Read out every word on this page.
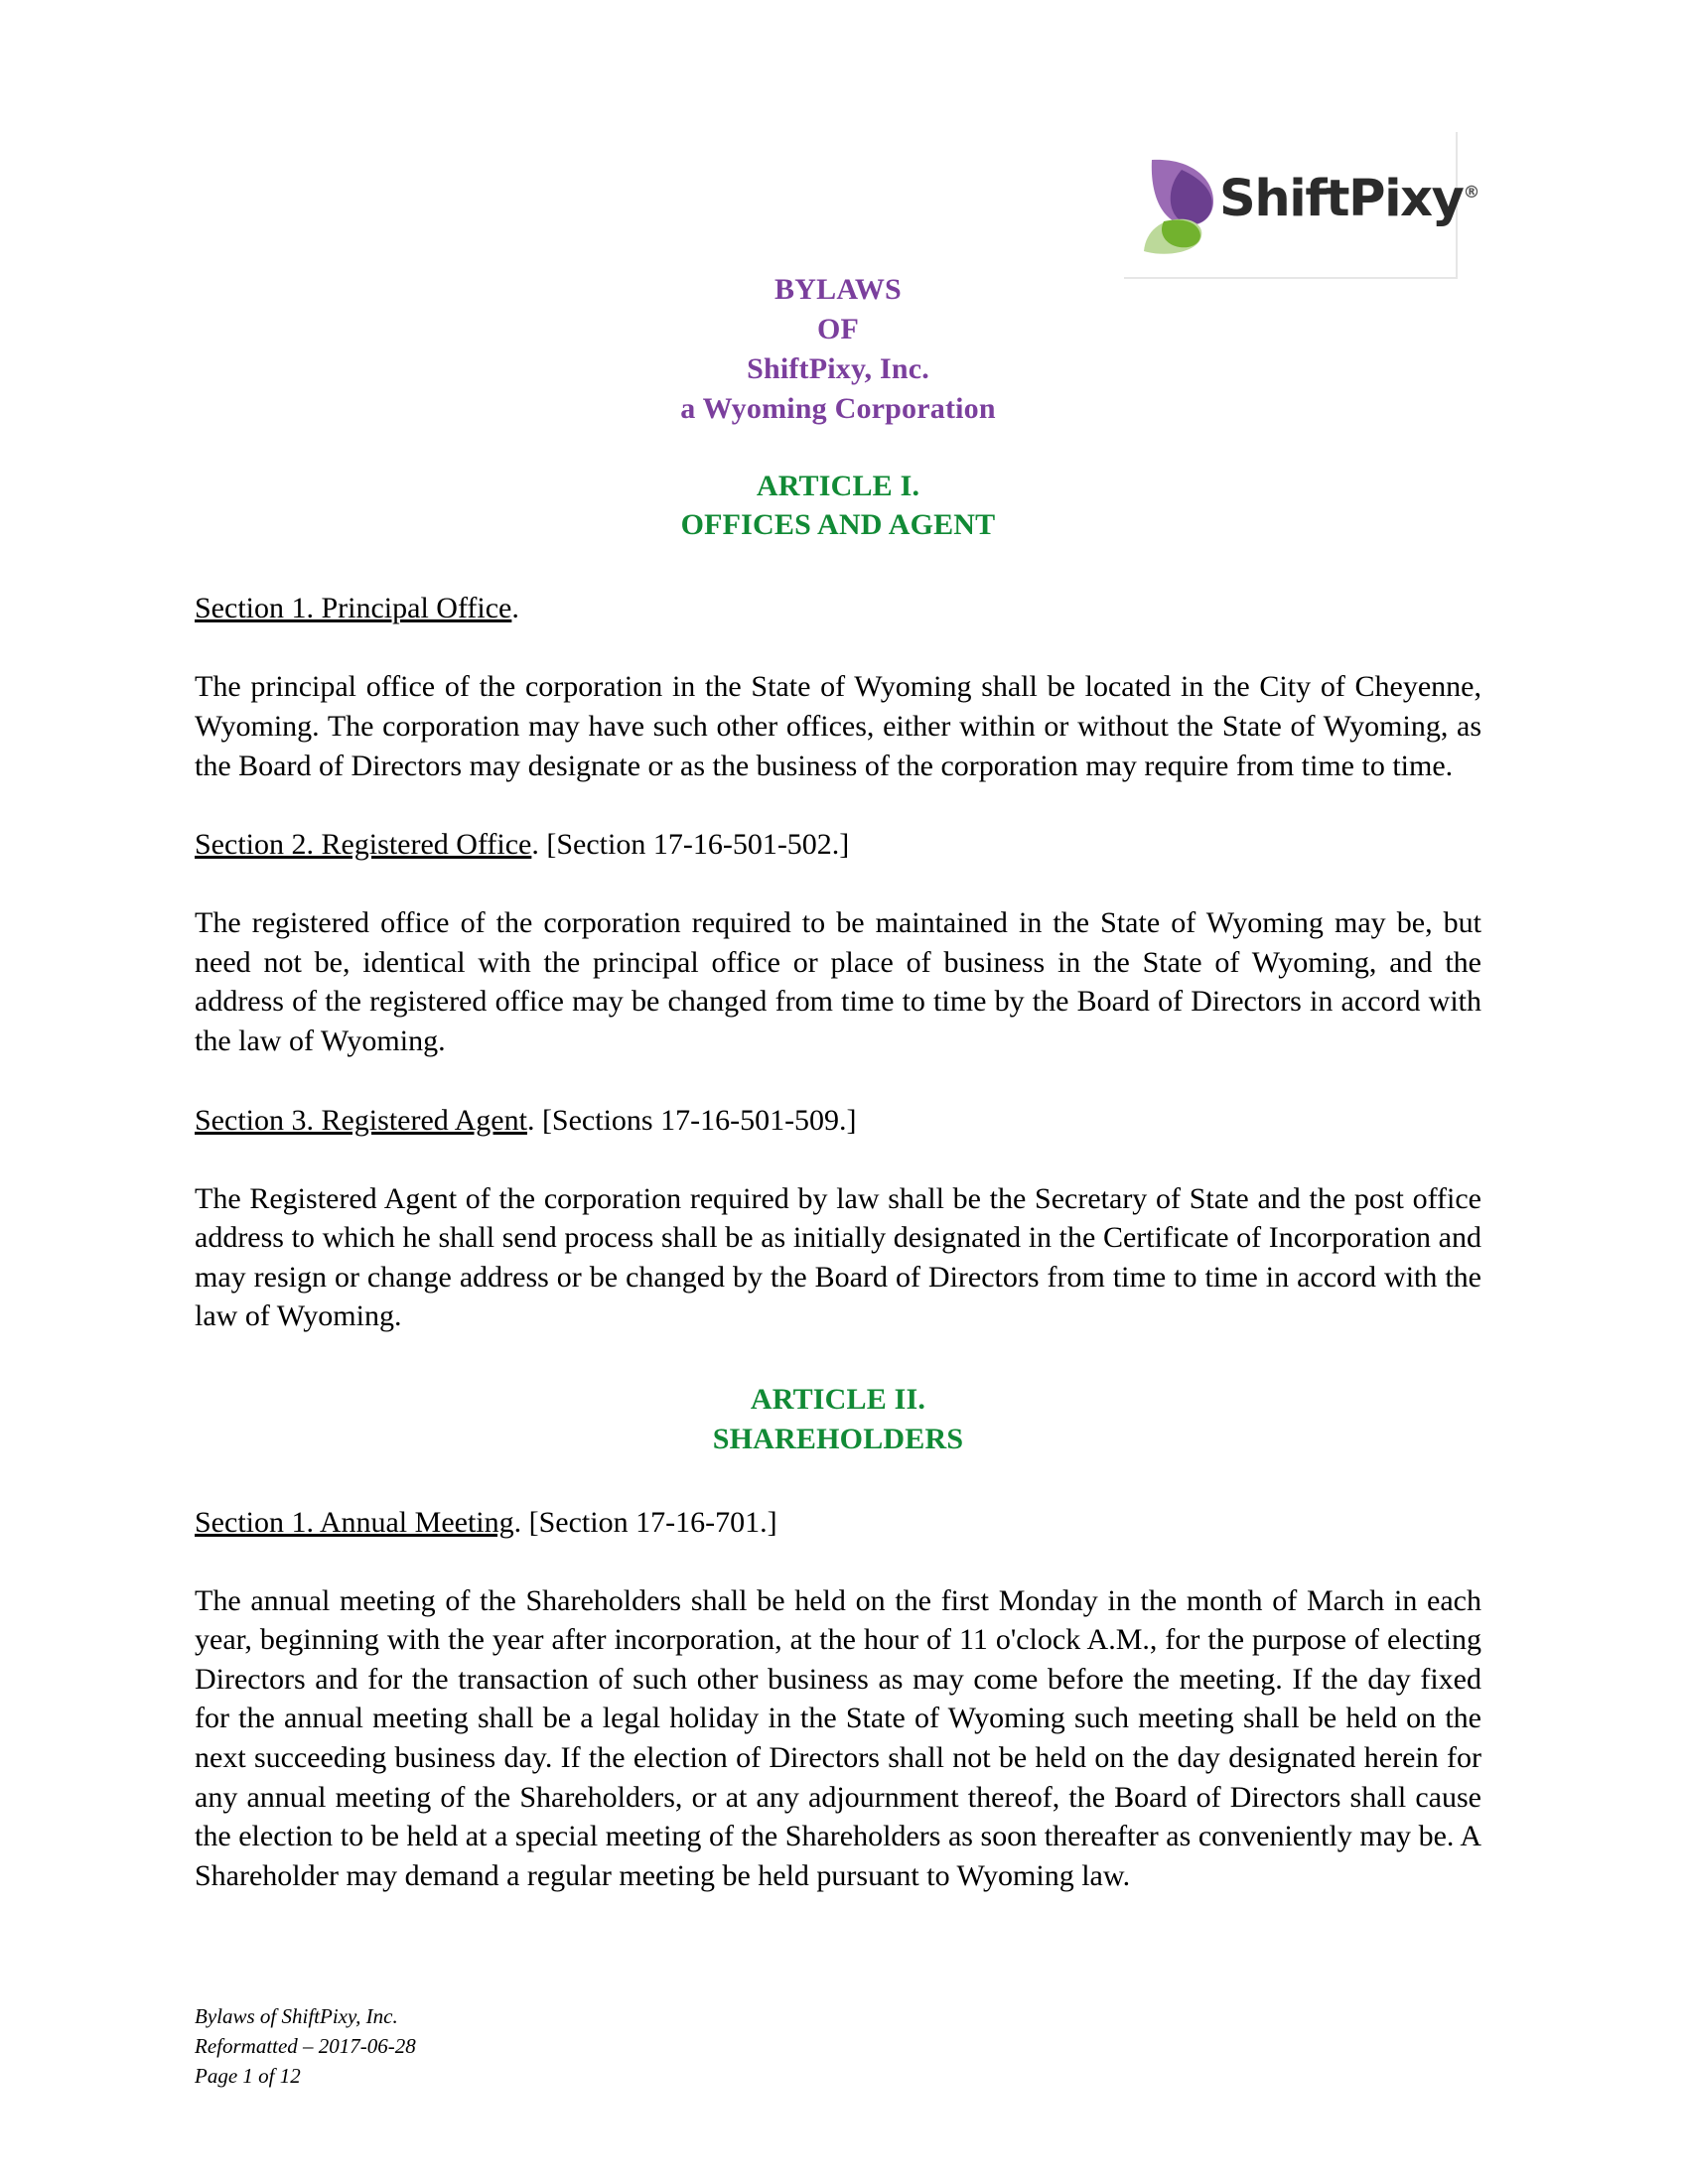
ShiftPixy®
BYLAWS
OF
ShiftPixy, Inc.
a Wyoming Corporation
ARTICLE I.
OFFICES AND AGENT

Section 1. Principal Office.

The principal office of the corporation in the State of Wyoming shall be located in the City of Cheyenne, Wyoming. The corporation may have such other offices, either within or without the State of Wyoming, as the Board of Directors may designate or as the business of the corporation may require from time to time.

Section 2. Registered Office. [Section 17-16-501-502.]

The registered office of the corporation required to be maintained in the State of Wyoming may be, but need not be, identical with the principal office or place of business in the State of Wyoming, and the address of the registered office may be changed from time to time by the Board of Directors in accord with the law of Wyoming.

Section 3. Registered Agent. [Sections 17-16-501-509.]

The Registered Agent of the corporation required by law shall be the Secretary of State and the post office address to which he shall send process shall be as initially designated in the Certificate of Incorporation and may resign or change address or be changed by the Board of Directors from time to time in accord with the law of Wyoming.

ARTICLE II.
SHAREHOLDERS

Section 1. Annual Meeting. [Section 17-16-701.]

The annual meeting of the Shareholders shall be held on the first Monday in the month of March in each year, beginning with the year after incorporation, at the hour of 11 o'clock A.M., for the purpose of electing Directors and for the transaction of such other business as may come before the meeting. If the day fixed for the annual meeting shall be a legal holiday in the State of Wyoming such meeting shall be held on the next succeeding business day. If the election of Directors shall not be held on the day designated herein for any annual meeting of the Shareholders, or at any adjournment thereof, the Board of Directors shall cause the election to be held at a special meeting of the Shareholders as soon thereafter as conveniently may be. A Shareholder may demand a regular meeting be held pursuant to Wyoming law.

Bylaws of ShiftPixy, Inc.
Reformatted – 2017-06-28
Page 1 of 12
